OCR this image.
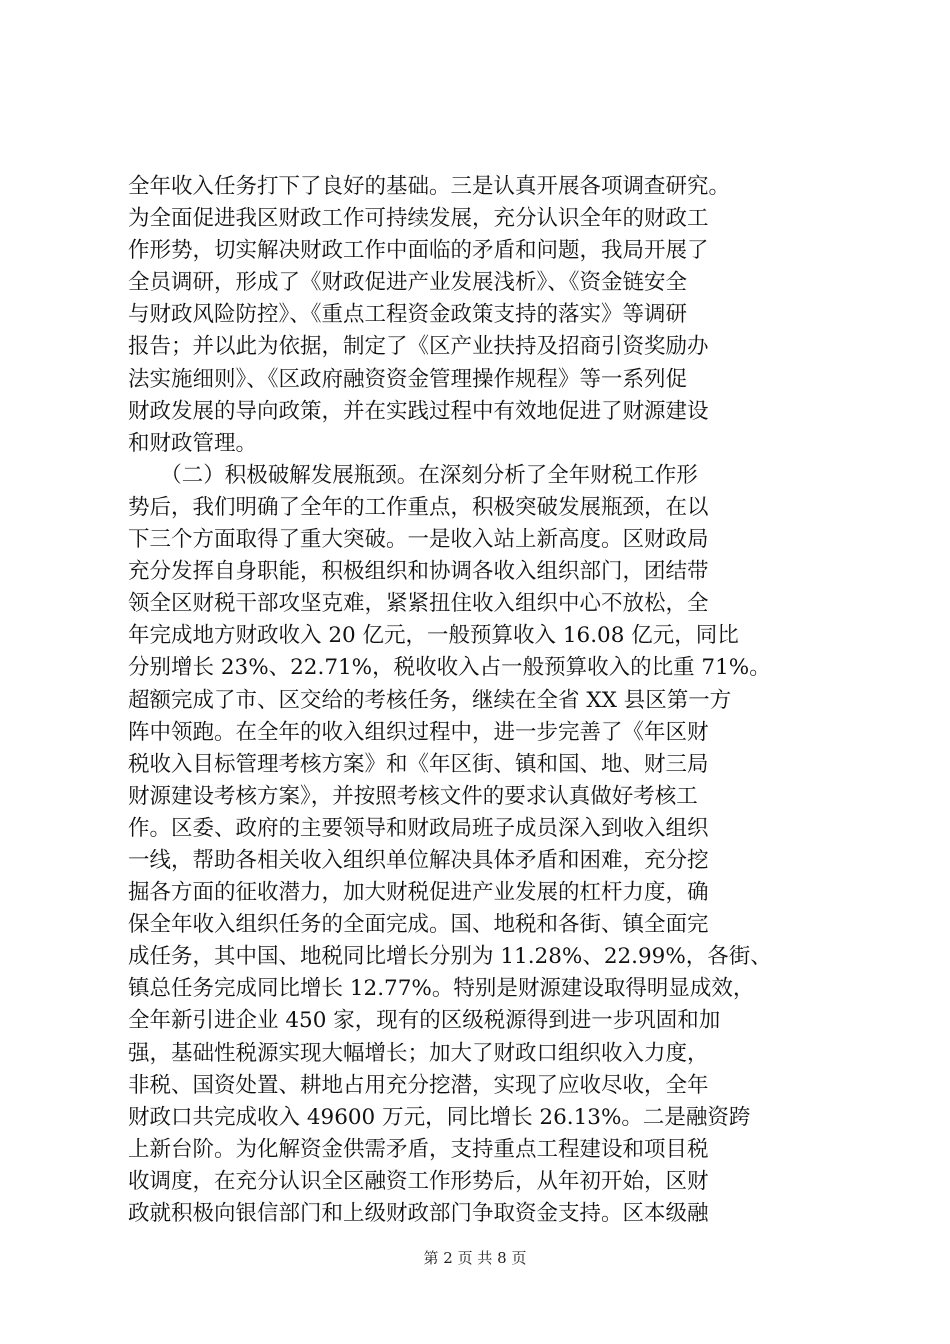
全年收入任务打下了良好的基础。三是认真开展各项调查研究。
为全面促进我区财政工作可持续发展，充分认识全年的财政工
作形势，切实解决财政工作中面临的矛盾和问题，我局开展了
全员调研，形成了《财政促进产业发展浅析》、《资金链安全
与财政风险防控》、《重点工程资金政策支持的落实》等调研
报告；并以此为依据，制定了《区产业扶持及招商引资奖励办
法实施细则》、《区政府融资资金管理操作规程》等一系列促
财政发展的导向政策，并在实践过程中有效地促进了财源建设
和财政管理。
　　（二）积极破解发展瓶颈。在深刻分析了全年财税工作形
势后，我们明确了全年的工作重点，积极突破发展瓶颈，在以
下三个方面取得了重大突破。一是收入站上新高度。区财政局
充分发挥自身职能，积极组织和协调各收入组织部门，团结带
领全区财税干部攻坚克难，紧紧扭住收入组织中心不放松，全
年完成地方财政收入 20 亿元，一般预算收入 16.08 亿元，同比
分别增长 23%、22.71%，税收收入占一般预算收入的比重 71%。
超额完成了市、区交给的考核任务，继续在全省 XX 县区第一方
阵中领跑。在全年的收入组织过程中，进一步完善了《年区财
税收入目标管理考核方案》和《年区街、镇和国、地、财三局
财源建设考核方案》，并按照考核文件的要求认真做好考核工
作。区委、政府的主要领导和财政局班子成员深入到收入组织
一线，帮助各相关收入组织单位解决具体矛盾和困难，充分挖
掘各方面的征收潜力，加大财税促进产业发展的杠杆力度，确
保全年收入组织任务的全面完成。国、地税和各街、镇全面完
成任务，其中国、地税同比增长分别为 11.28%、22.99%，各街、
镇总任务完成同比增长 12.77%。特别是财源建设取得明显成效，
全年新引进企业 450 家，现有的区级税源得到进一步巩固和加
强，基础性税源实现大幅增长；加大了财政口组织收入力度，
非税、国资处置、耕地占用充分挖潜，实现了应收尽收，全年
财政口共完成收入 49600 万元，同比增长 26.13%。二是融资跨
上新台阶。为化解资金供需矛盾，支持重点工程建设和项目税
收调度，在充分认识全区融资工作形势后，从年初开始，区财
政就积极向银信部门和上级财政部门争取资金支持。区本级融
第 2 页 共 8 页
